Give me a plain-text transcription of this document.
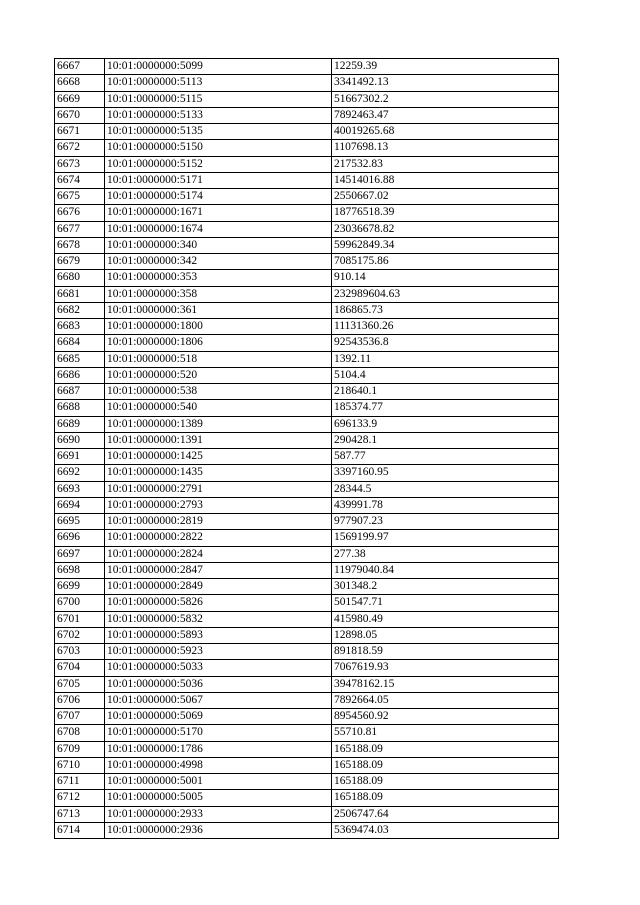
6667	10:01:0000000:5099	12259.39
6668	10:01:0000000:5113	3341492.13
6669	10:01:0000000:5115	51667302.2
6670	10:01:0000000:5133	7892463.47
6671	10:01:0000000:5135	40019265.68
6672	10:01:0000000:5150	1107698.13
6673	10:01:0000000:5152	217532.83
6674	10:01:0000000:5171	14514016.88
6675	10:01:0000000:5174	2550667.02
6676	10:01:0000000:1671	18776518.39
6677	10:01:0000000:1674	23036678.82
6678	10:01:0000000:340	59962849.34
6679	10:01:0000000:342	7085175.86
6680	10:01:0000000:353	910.14
6681	10:01:0000000:358	232989604.63
6682	10:01:0000000:361	186865.73
6683	10:01:0000000:1800	11131360.26
6684	10:01:0000000:1806	92543536.8
6685	10:01:0000000:518	1392.11
6686	10:01:0000000:520	5104.4
6687	10:01:0000000:538	218640.1
6688	10:01:0000000:540	185374.77
6689	10:01:0000000:1389	696133.9
6690	10:01:0000000:1391	290428.1
6691	10:01:0000000:1425	587.77
6692	10:01:0000000:1435	3397160.95
6693	10:01:0000000:2791	28344.5
6694	10:01:0000000:2793	439991.78
6695	10:01:0000000:2819	977907.23
6696	10:01:0000000:2822	1569199.97
6697	10:01:0000000:2824	277.38
6698	10:01:0000000:2847	11979040.84
6699	10:01:0000000:2849	301348.2
6700	10:01:0000000:5826	501547.71
6701	10:01:0000000:5832	415980.49
6702	10:01:0000000:5893	12898.05
6703	10:01:0000000:5923	891818.59
6704	10:01:0000000:5033	7067619.93
6705	10:01:0000000:5036	39478162.15
6706	10:01:0000000:5067	7892664.05
6707	10:01:0000000:5069	8954560.92
6708	10:01:0000000:5170	55710.81
6709	10:01:0000000:1786	165188.09
6710	10:01:0000000:4998	165188.09
6711	10:01:0000000:5001	165188.09
6712	10:01:0000000:5005	165188.09
6713	10:01:0000000:2933	2506747.64
6714	10:01:0000000:2936	5369474.03
